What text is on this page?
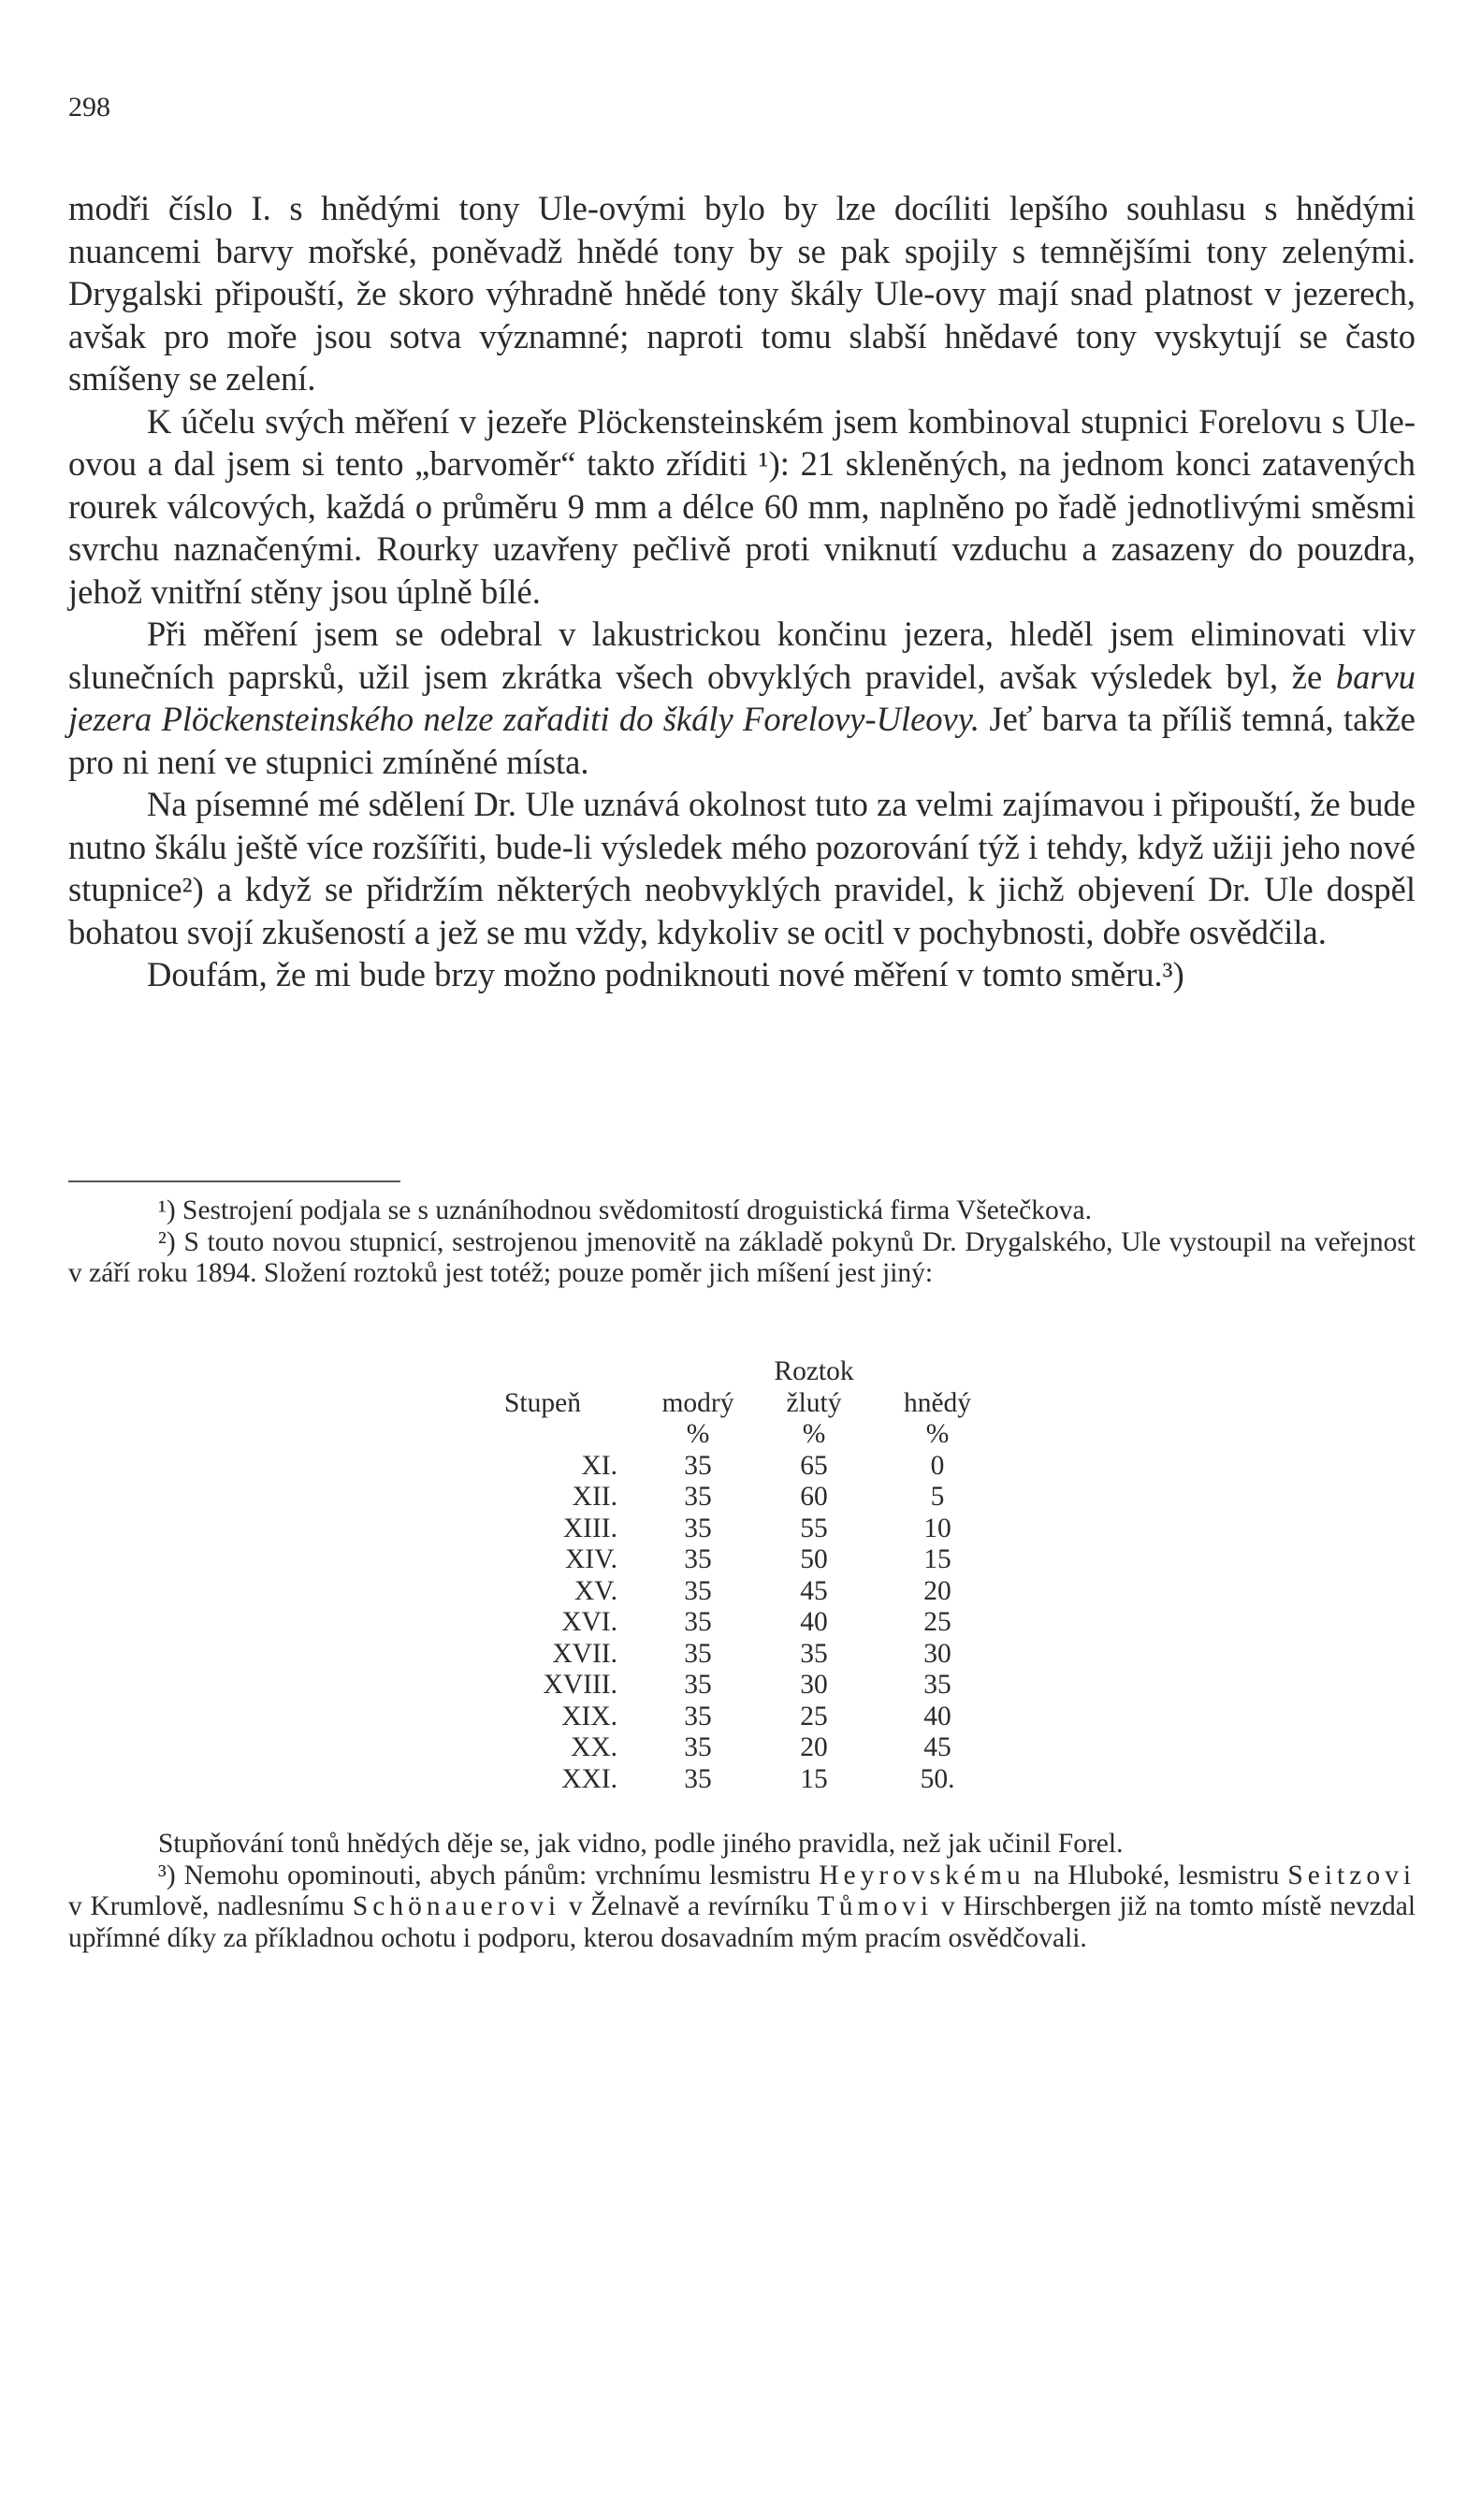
298

modři číslo I. s hnědými tony Ule-ovými bylo by lze docíliti lepšího souhlasu s hnědými nuancemi barvy mořské, poněvadž hnědé tony by se pak spojily s temnějšími tony zelenými. Drygalski připouští, že skoro výhradně hnědé tony škály Ule-ovy mají snad platnost v jezerech, avšak pro moře jsou sotva významné; naproti tomu slabší hnědavé tony vyskytují se často smíšeny se zelení.

K účelu svých měření v jezeře Plöckensteinském jsem kombinoval stupnici Forelovu s Ule-ovou a dal jsem si tento „barvoměr“ takto zříditi ¹): 21 skleněných, na jednom konci zatavených rourek válcových, každá o průměru 9 mm a délce 60 mm, naplněno po řadě jednotlivými směsmi svrchu naznačenými. Rourky uzavřeny pečlivě proti vniknutí vzduchu a zasazeny do pouzdra, jehož vnitřní stěny jsou úplně bílé.

Při měření jsem se odebral v lakustrickou končinu jezera, hleděl jsem eliminovati vliv slunečních paprsků, užil jsem zkrátka všech obvyklých pravidel, avšak výsledek byl, že barvu jezera Plöckensteinského nelze zařaditi do škály Forelovy-Uleovy. Jeť barva ta příliš temná, takže pro ni není ve stupnici zmíněné místa.

Na písemné mé sdělení Dr. Ule uznává okolnost tuto za velmi zajímavou i připouští, že bude nutno škálu ještě více rozšířiti, bude-li výsledek mého pozorování týž i tehdy, když užiji jeho nové stupnice²) a když se přidržím některých neobvyklých pravidel, k jichž objevení Dr. Ule dospěl bohatou svojí zkušeností a jež se mu vždy, kdykoliv se ocitl v pochybnosti, dobře osvědčila.

Doufám, že mi bude brzy možno podniknouti nové měření v tomto směru.³)

¹) Sestrojení podjala se s uznáníhodnou svědomitostí droguistická firma Všetečkova.

²) S touto novou stupnicí, sestrojenou jmenovitě na základě pokynů Dr. Drygalského, Ule vystoupil na veřejnost v září roku 1894. Složení roztoků jest totéž; pouze poměr jich míšení jest jiný:

		Roztok	
Stupeň	modrý	žlutý	hnědý
	%	%	%
XI.	35	65	0
XII.	35	60	5
XIII.	35	55	10
XIV.	35	50	15
XV.	35	45	20
XVI.	35	40	25
XVII.	35	35	30
XVIII.	35	30	35
XIX.	35	25	40
XX.	35	20	45
XXI.	35	15	50.

Stupňování tonů hnědých děje se, jak vidno, podle jiného pravidla, než jak učinil Forel.

³) Nemohu opominouti, abych pánům: vrchnímu lesmistru Heyrovskému na Hluboké, lesmistru Seitzovi v Krumlově, nadlesnímu Schönauerovi v Želnavě a revírníku Tůmovi v Hirschbergen již na tomto místě nevzdal upřímné díky za příkladnou ochotu i podporu, kterou dosavadním mým pracím osvědčovali.
